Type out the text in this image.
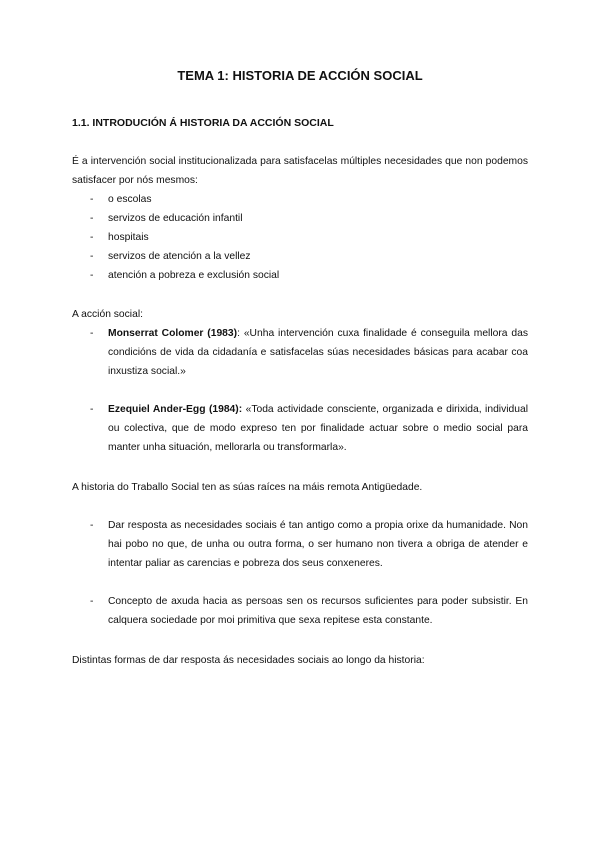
TEMA 1: HISTORIA DE ACCIÓN SOCIAL
1.1. INTRODUCIÓN Á HISTORIA DA ACCIÓN SOCIAL

É a intervención social institucionalizada para satisfacelas múltiples necesidades que non podemos satisfacer por nós mesmos:

- o escolas
- servizos de educación infantil
- hospitais
- servizos de atención a la vellez
- atención a pobreza e exclusión social

A acción social:

- Monserrat Colomer (1983): «Unha intervención cuxa finalidade é conseguila mellora das condicións de vida da cidadanía e satisfacelas súas necesidades básicas para acabar coa inxustiza social.»
- Ezequiel Ander-Egg (1984): «Toda actividade consciente, organizada e dirixida, individual ou colectiva, que de modo expreso ten por finalidade actuar sobre o medio social para manter unha situación, mellorarla ou transformarla».

A historia do Traballo Social ten as súas raíces na máis remota Antigüedade.

- Dar resposta as necesidades sociais é tan antigo como a propia orixe da humanidade. Non hai pobo no que, de unha ou outra forma, o ser humano non tivera a obriga de atender e intentar paliar as carencias e pobreza dos seus conxeneres.
- Concepto de axuda hacia as persoas sen os recursos suficientes para poder subsistir. En calquera sociedade por moi primitiva que sexa repitese esta constante.

Distintas formas de dar resposta ás necesidades sociais ao longo da historia:
